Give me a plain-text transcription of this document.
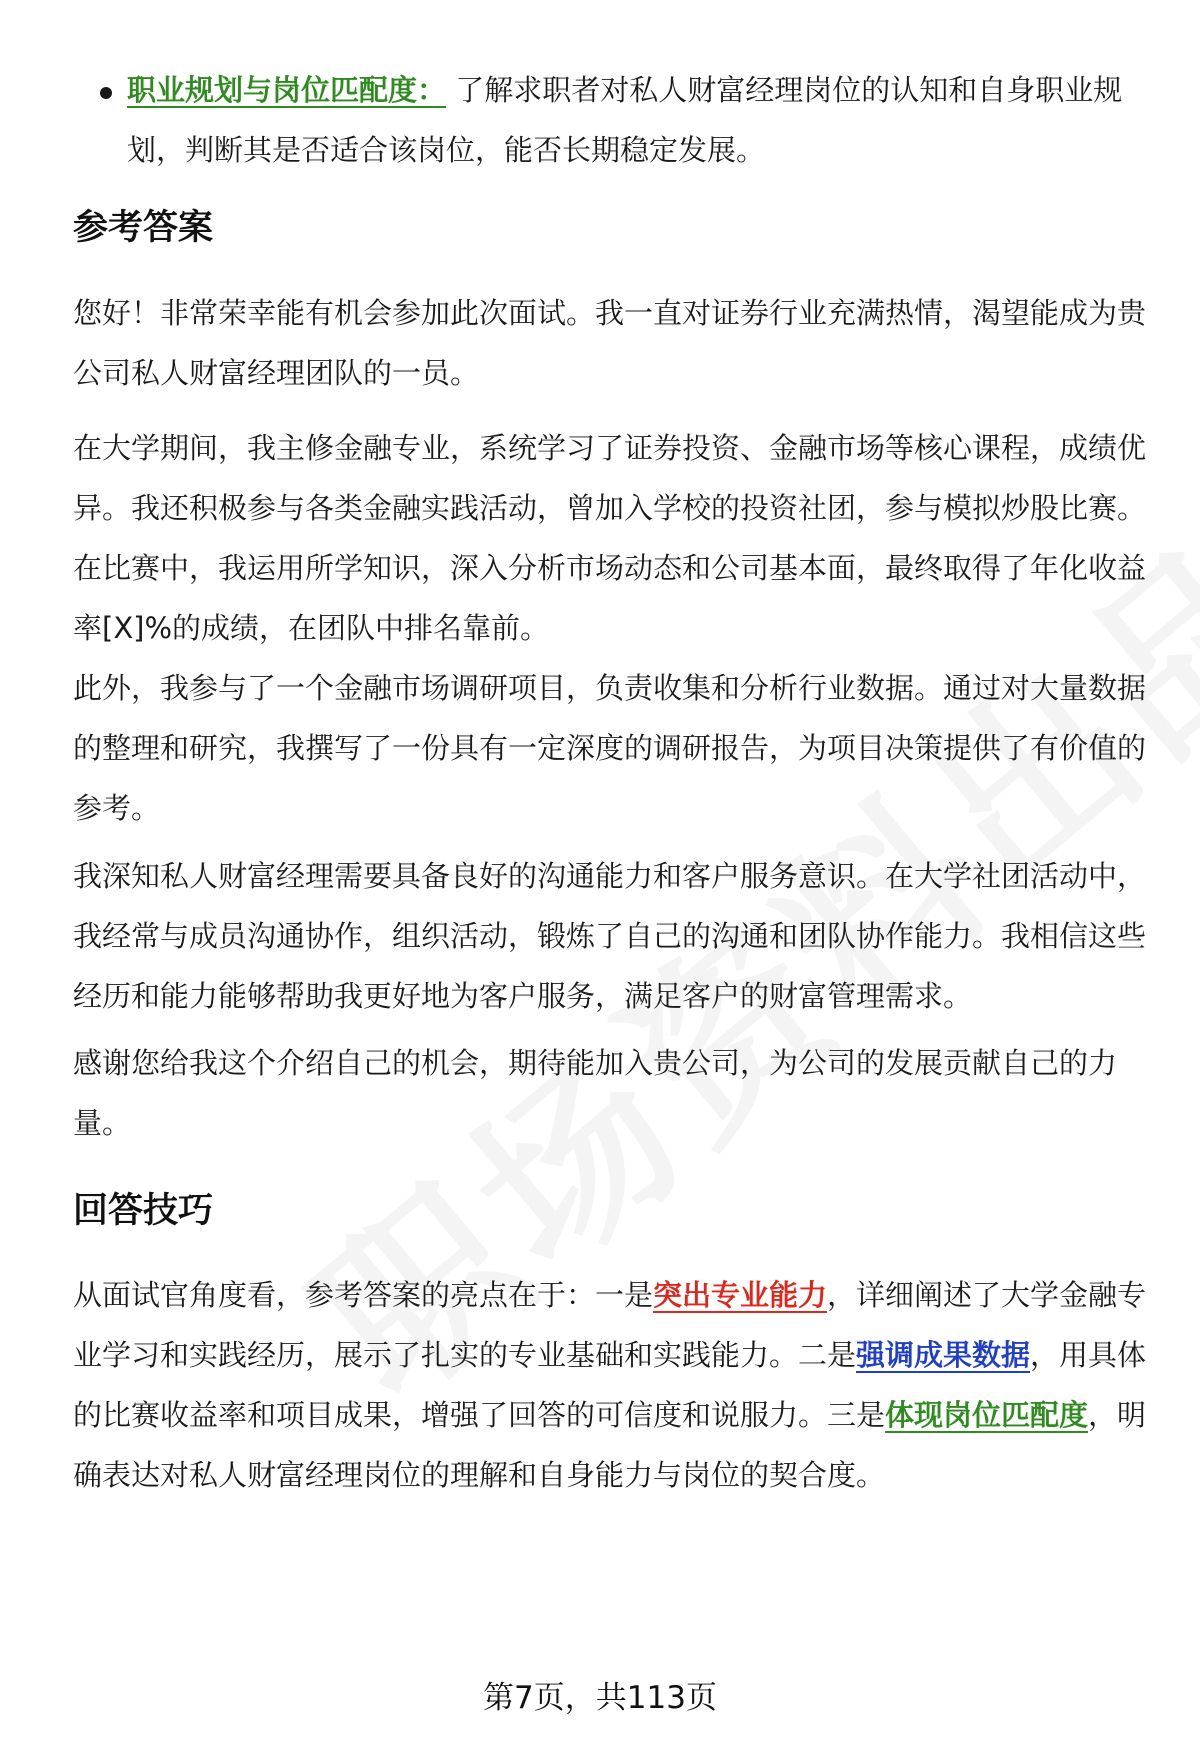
职业规划与岗位匹配度： 了解求职者对私人财富经理岗位的认知和自身职业规划，判断其是否适合该岗位，能否长期稳定发展。
参考答案

您好！非常荣幸能有机会参加此次面试。我一直对证券行业充满热情，渴望能成为贵公司私人财富经理团队的一员。

在大学期间，我主修金融专业，系统学习了证券投资、金融市场等核心课程，成绩优异。我还积极参与各类金融实践活动，曾加入学校的投资社团，参与模拟炒股比赛。在比赛中，我运用所学知识，深入分析市场动态和公司基本面，最终取得了年化收益率[X]%的成绩，在团队中排名靠前。

此外，我参与了一个金融市场调研项目，负责收集和分析行业数据。通过对大量数据的整理和研究，我撰写了一份具有一定深度的调研报告，为项目决策提供了有价值的参考。

我深知私人财富经理需要具备良好的沟通能力和客户服务意识。在大学社团活动中，我经常与成员沟通协作，组织活动，锻炼了自己的沟通和团队协作能力。我相信这些经历和能力能够帮助我更好地为客户服务，满足客户的财富管理需求。

感谢您给我这个介绍自己的机会，期待能加入贵公司，为公司的发展贡献自己的力量。

回答技巧

从面试官角度看，参考答案的亮点在于：一是突出专业能力，详细阐述了大学金融专业学习和实践经历，展示了扎实的专业基础和实践能力。二是强调成果数据，用具体的比赛收益率和项目成果，增强了回答的可信度和说服力。三是体现岗位匹配度，明确表达对私人财富经理岗位的理解和自身能力与岗位的契合度。

第7页，共113页
